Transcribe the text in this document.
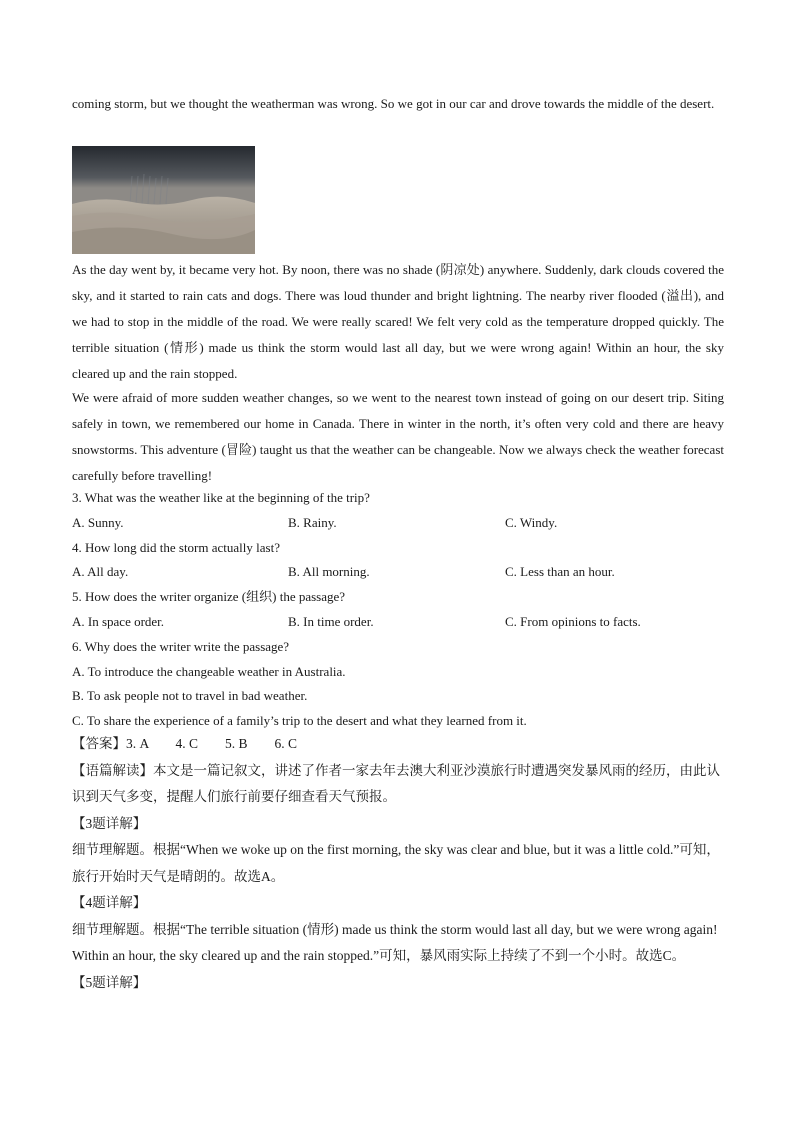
coming storm, but we thought the weatherman was wrong. So we got in our car and drove towards the middle of the desert.

As the day went by, it became very hot. By noon, there was no shade (阴凉处) anywhere. Suddenly, dark clouds covered the sky, and it started to rain cats and dogs. There was loud thunder and bright lightning. The nearby river flooded (溢出), and we had to stop in the middle of the road. We were really scared! We felt very cold as the temperature dropped quickly. The terrible situation (情形) made us think the storm would last all day, but we were wrong again! Within an hour, the sky cleared up and the rain stopped.

We were afraid of more sudden weather changes, so we went to the nearest town instead of going on our desert trip. Siting safely in town, we remembered our home in Canada. There in winter in the north, it’s often very cold and there are heavy snowstorms. This adventure (冒险) taught us that the weather can be changeable. Now we always check the weather forecast carefully before travelling!

3. What was the weather like at the beginning of the trip?

A. Sunny.	B. Rainy.	C. Windy.

4. How long did the storm actually last?

A. All day.	B. All morning.	C. Less than an hour.

5. How does the writer organize (组织) the passage?

A. In space order.	B. In time order.	C. From opinions to facts.

6. Why does the writer write the passage?

A. To introduce the changeable weather in Australia.

B. To ask people not to travel in bad weather.

C. To share the experience of a family’s trip to the desert and what they learned from it.

【答案】3. A　　4. C　　5. B　　6. C

【语篇解读】本文是一篇记叙文，讲述了作者一家去年去澳大利亚沙漠旅行时遭遇突发暴风雨的经历，由此认识到天气多变，提醒人们旅行前要仔细查看天气预报。

【3题详解】

细节理解题。根据“When we woke up on the first morning, the sky was clear and blue, but it was a little cold.”可知，旅行开始时天气是晴朗的。故选A。

【4题详解】

细节理解题。根据“The terrible situation (情形) made us think the storm would last all day, but we were wrong again! Within an hour, the sky cleared up and the rain stopped.”可知，暴风雨实际上持续了不到一个小时。故选C。

【5题详解】
